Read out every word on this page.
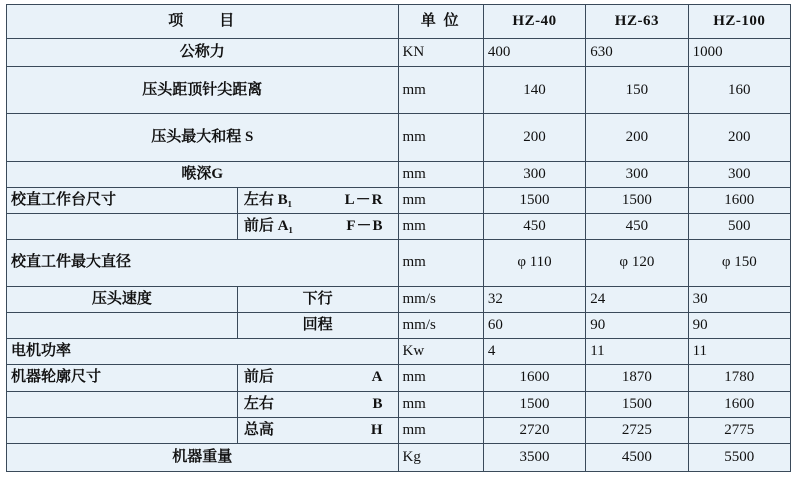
项　　目		单 位	HZ-40	HZ-63	HZ-100
公称力		KN	400	630	1000
压头距顶针尖距离		mm	140	150	160
压头最大和程 S		mm	200	200	200
喉深G		mm	300	300	300
校直工作台尺寸	左右 B₁ L－R	mm	1500	1500	1600

	前后 A₁ F－B	mm	450	450	500
校直工件最大直径		mm	φ 110	φ 120	φ 150
压头速度	下行	mm/s	32	24	30
	回程	mm/s	60	90	90
电机功率		Kw	4	11	11
机器轮廓尺寸	前后 A	mm	1600	1870	1780

	左右 B	mm	1500	1500	1600

	总高 H	mm	2720	2725	2775
机器重量		Kg	3500	4500	5500
